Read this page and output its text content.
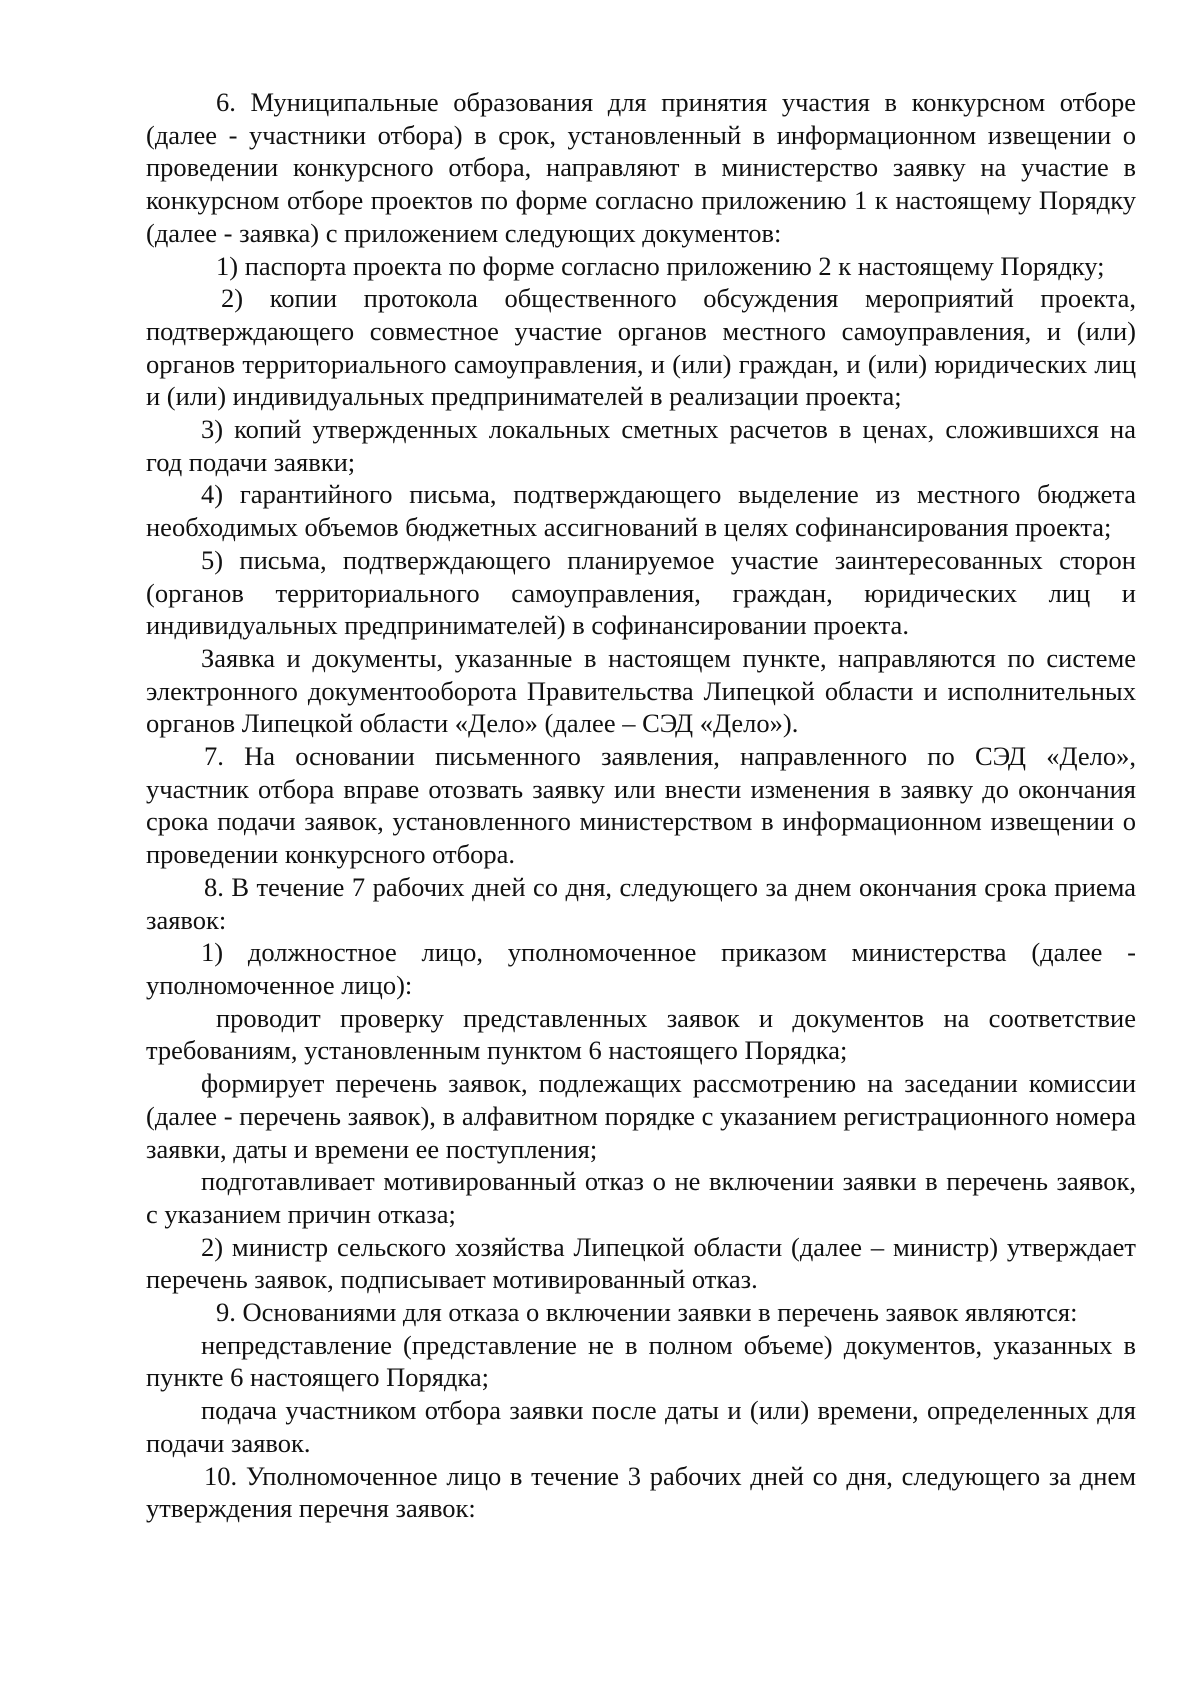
6. Муниципальные образования для принятия участия в конкурсном отборе (далее - участники отбора) в срок, установленный в информационном извещении о проведении конкурсного отбора, направляют в министерство заявку на участие в конкурсном отборе проектов по форме согласно приложению 1 к настоящему Порядку (далее - заявка) с приложением следующих документов:

1) паспорта проекта по форме согласно приложению 2 к настоящему Порядку;

2) копии протокола общественного обсуждения мероприятий проекта, подтверждающего совместное участие органов местного самоуправления, и (или) органов территориального самоуправления, и (или) граждан, и (или) юридических лиц и (или) индивидуальных предпринимателей в реализации проекта;

3) копий утвержденных локальных сметных расчетов в ценах, сложившихся на год подачи заявки;

4) гарантийного письма, подтверждающего выделение из местного бюджета необходимых объемов бюджетных ассигнований в целях софинансирования проекта;

5) письма, подтверждающего планируемое участие заинтересованных сторон (органов территориального самоуправления, граждан, юридических лиц и индивидуальных предпринимателей) в софинансировании проекта.

Заявка и документы, указанные в настоящем пункте, направляются по системе электронного документооборота Правительства Липецкой области и исполнительных органов Липецкой области «Дело» (далее – СЭД «Дело»).

7. На основании письменного заявления, направленного по СЭД «Дело», участник отбора вправе отозвать заявку или внести изменения в заявку до окончания срока подачи заявок, установленного министерством в информационном извещении о проведении конкурсного отбора.

8. В течение 7 рабочих дней со дня, следующего за днем окончания срока приема заявок:

1) должностное лицо, уполномоченное приказом министерства (далее - уполномоченное лицо):

проводит проверку представленных заявок и документов на соответствие требованиям, установленным пунктом 6 настоящего Порядка;

формирует перечень заявок, подлежащих рассмотрению на заседании комиссии (далее - перечень заявок), в алфавитном порядке с указанием регистрационного номера заявки, даты и времени ее поступления;

подготавливает мотивированный отказ о не включении заявки в перечень заявок, с указанием причин отказа;

2) министр сельского хозяйства Липецкой области (далее – министр) утверждает перечень заявок, подписывает мотивированный отказ.

9. Основаниями для отказа о включении заявки в перечень заявок являются:

непредставление (представление не в полном объеме) документов, указанных в пункте 6 настоящего Порядка;

подача участником отбора заявки после даты и (или) времени, определенных для подачи заявок.

10. Уполномоченное лицо в течение 3 рабочих дней со дня, следующего за днем утверждения перечня заявок:
